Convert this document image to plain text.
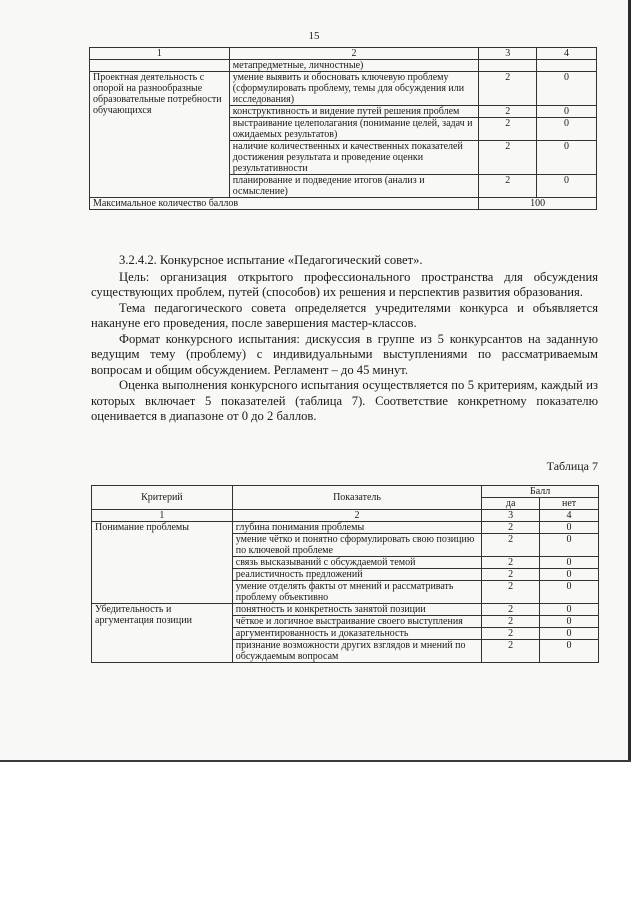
15
1	2	3	4
	метапредметные, личностные)		
Проектная деятельность с опорой на разнообразные образовательные потребности обучающихся	умение выявить и обосновать ключевую проблему (сформулировать проблему, темы для обсуждения или исследования)	2	0
	конструктивность и видение путей решения проблем	2	0
	выстраивание целеполагания (понимание целей, задач и ожидаемых результатов)	2	0
	наличие количественных и качественных показателей достижения результата и проведение оценки результативности	2	0
	планирование и подведение итогов (анализ и осмысление)	2	0
Максимальное количество баллов		100	

3.2.4.2. Конкурсное испытание «Педагогический совет».

Цель: организация открытого профессионального пространства для обсуждения существующих проблем, путей (способов) их решения и перспектив развития образования.

Тема педагогического совета определяется учредителями конкурса и объявляется накануне его проведения, после завершения мастер-классов.

Формат конкурсного испытания: дискуссия в группе из 5 конкурсантов на заданную ведущим тему (проблему) с индивидуальными выступлениями по рассматриваемым вопросам и общим обсуждением. Регламент – до 45 минут.

Оценка выполнения конкурсного испытания осуществляется по 5 критериям, каждый из которых включает 5 показателей (таблица 7). Соответствие конкретному показателю оценивается в диапазоне от 0 до 2 баллов.

Таблица 7
Критерий	Показатель	Балл	
		да	нет
1	2	3	4
Понимание проблемы	глубина понимания проблемы	2	0
	умение чётко и понятно сформулировать свою позицию по ключевой проблеме	2	0
	связь высказываний с обсуждаемой темой	2	0
	реалистичность предложений	2	0
	умение отделять факты от мнений и рассматривать проблему объективно	2	0
Убедительность и аргументация позиции	понятность и конкретность занятой позиции	2	0
	чёткое и логичное выстраивание своего выступления	2	0
	аргументированность и доказательность	2	0
	признание возможности других взглядов и мнений по обсуждаемым вопросам	2	0
